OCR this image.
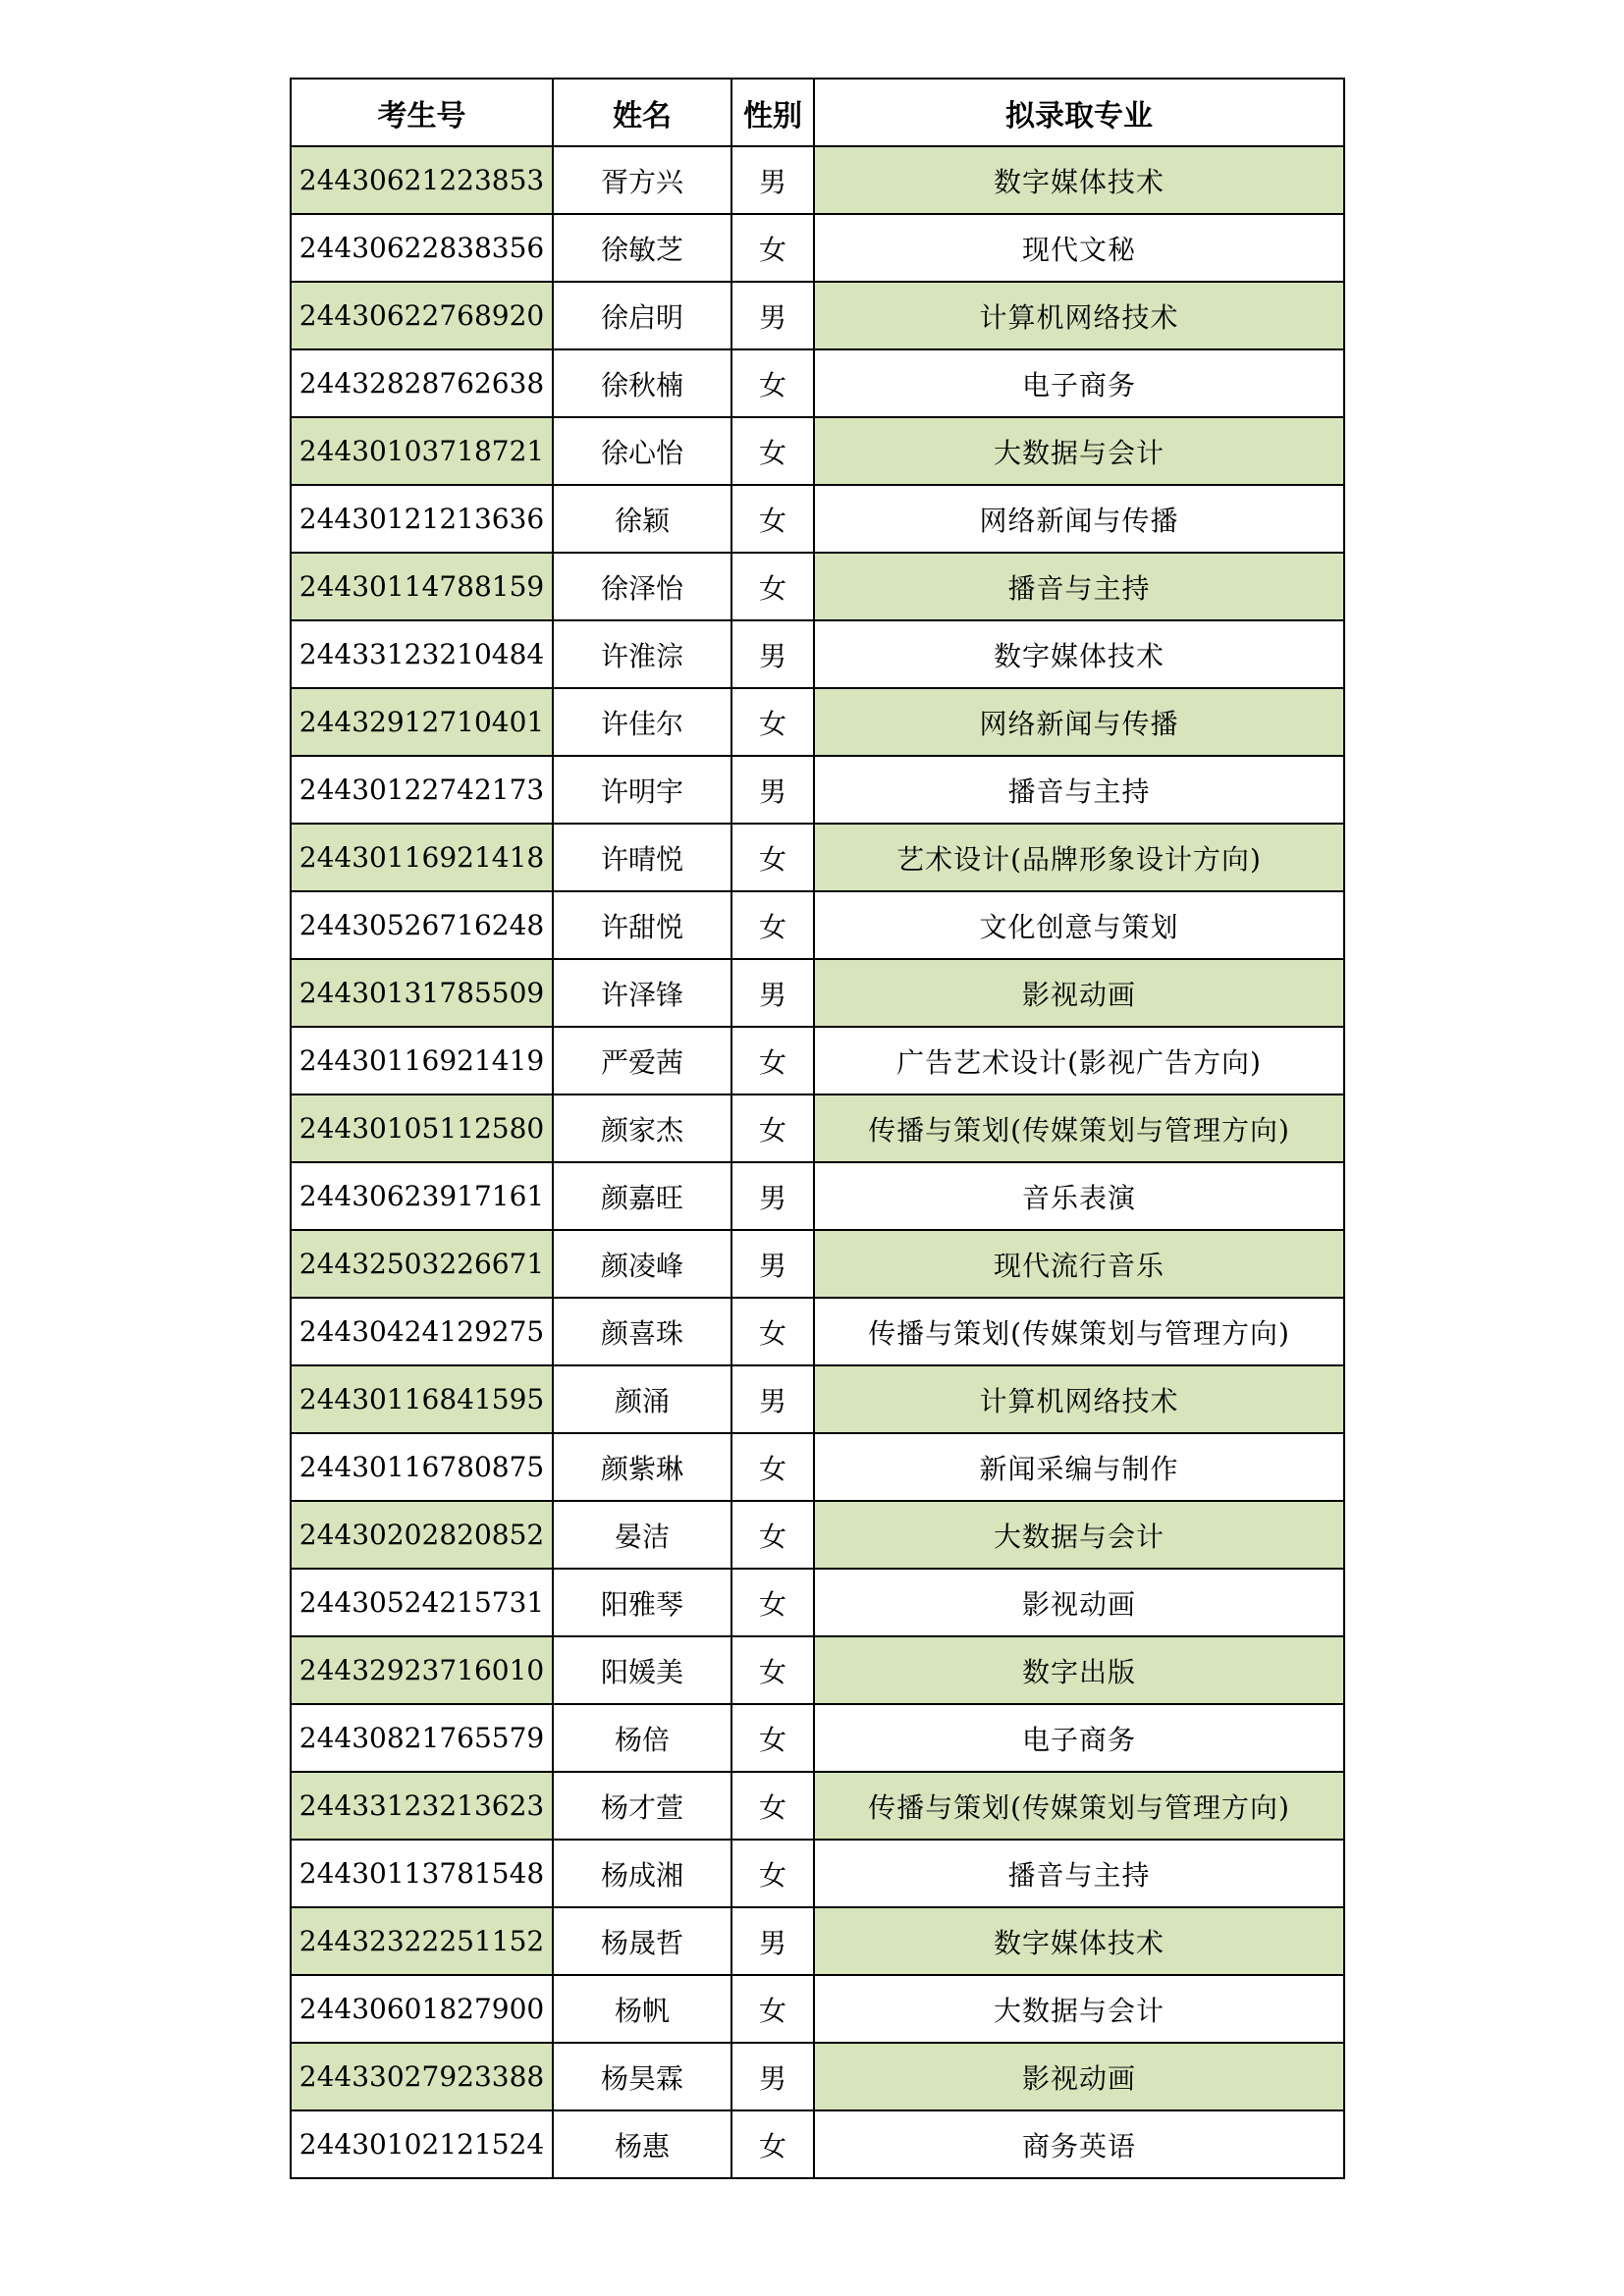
考生号	姓名	性别	拟录取专业
24430621223853	胥方兴	男	数字媒体技术
24430622838356	徐敏芝	女	现代文秘
24430622768920	徐启明	男	计算机网络技术
24432828762638	徐秋楠	女	电子商务
24430103718721	徐心怡	女	大数据与会计
24430121213636	徐颖	女	网络新闻与传播
24430114788159	徐泽怡	女	播音与主持
24433123210484	许淮淙	男	数字媒体技术
24432912710401	许佳尔	女	网络新闻与传播
24430122742173	许明宇	男	播音与主持
24430116921418	许晴悦	女	艺术设计(品牌形象设计方向)
24430526716248	许甜悦	女	文化创意与策划
24430131785509	许泽锋	男	影视动画
24430116921419	严爱茜	女	广告艺术设计(影视广告方向)
24430105112580	颜家杰	女	传播与策划(传媒策划与管理方向)
24430623917161	颜嘉旺	男	音乐表演
24432503226671	颜凌峰	男	现代流行音乐
24430424129275	颜喜珠	女	传播与策划(传媒策划与管理方向)
24430116841595	颜涌	男	计算机网络技术
24430116780875	颜紫琳	女	新闻采编与制作
24430202820852	晏洁	女	大数据与会计
24430524215731	阳雅琴	女	影视动画
24432923716010	阳媛美	女	数字出版
24430821765579	杨倍	女	电子商务
24433123213623	杨才萱	女	传播与策划(传媒策划与管理方向)
24430113781548	杨成湘	女	播音与主持
24432322251152	杨晟哲	男	数字媒体技术
24430601827900	杨帆	女	大数据与会计
24433027923388	杨昊霖	男	影视动画
24430102121524	杨惠	女	商务英语
